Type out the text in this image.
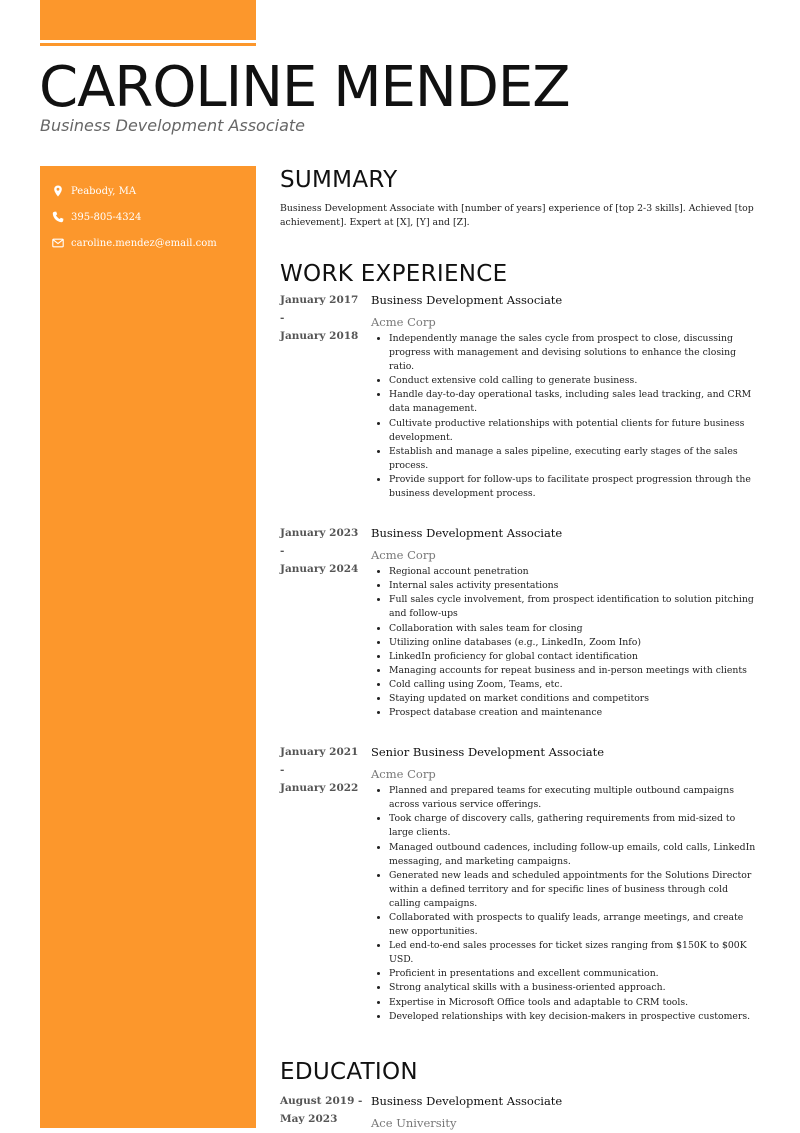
CAROLINE MENDEZ

Business Development Associate

Peabody, MA
395-805-4324
caroline.mendez@email.com
SUMMARY

Business Development Associate with [number of years] experience of [top 2-3 skills]. Achieved [top achievement]. Expert at [X], [Y] and [Z].

WORK EXPERIENCE
January 2017
-
January 2018

Business Development Associate

Acme Corp

• Independently manage the sales cycle from prospect to close, discussing progress with management and devising solutions to enhance the closing ratio.
• Conduct extensive cold calling to generate business.
• Handle day-to-day operational tasks, including sales lead tracking, and CRM data management.
• Cultivate productive relationships with potential clients for future business development.
• Establish and manage a sales pipeline, executing early stages of the sales process.
• Provide support for follow-ups to facilitate prospect progression through the business development process.
January 2023
-
January 2024

Business Development Associate

Acme Corp

• Regional account penetration
• Internal sales activity presentations
• Full sales cycle involvement, from prospect identification to solution pitching and follow-ups
• Collaboration with sales team for closing
• Utilizing online databases (e.g., LinkedIn, Zoom Info)
• LinkedIn proficiency for global contact identification
• Managing accounts for repeat business and in-person meetings with clients
• Cold calling using Zoom, Teams, etc.
• Staying updated on market conditions and competitors
• Prospect database creation and maintenance
January 2021
-
January 2022

Senior Business Development Associate

Acme Corp

• Planned and prepared teams for executing multiple outbound campaigns across various service offerings.
• Took charge of discovery calls, gathering requirements from mid-sized to large clients.
• Managed outbound cadences, including follow-up emails, cold calls, LinkedIn messaging, and marketing campaigns.
• Generated new leads and scheduled appointments for the Solutions Director within a defined territory and for specific lines of business through cold calling campaigns.
• Collaborated with prospects to qualify leads, arrange meetings, and create new opportunities.
• Led end-to-end sales processes for ticket sizes ranging from $150K to $00K USD.
• Proficient in presentations and excellent communication.
• Strong analytical skills with a business-oriented approach.
• Expertise in Microsoft Office tools and adaptable to CRM tools.
• Developed relationships with key decision-makers in prospective customers.
EDUCATION
August 2019 -
May 2023

Business Development Associate

Ace University
